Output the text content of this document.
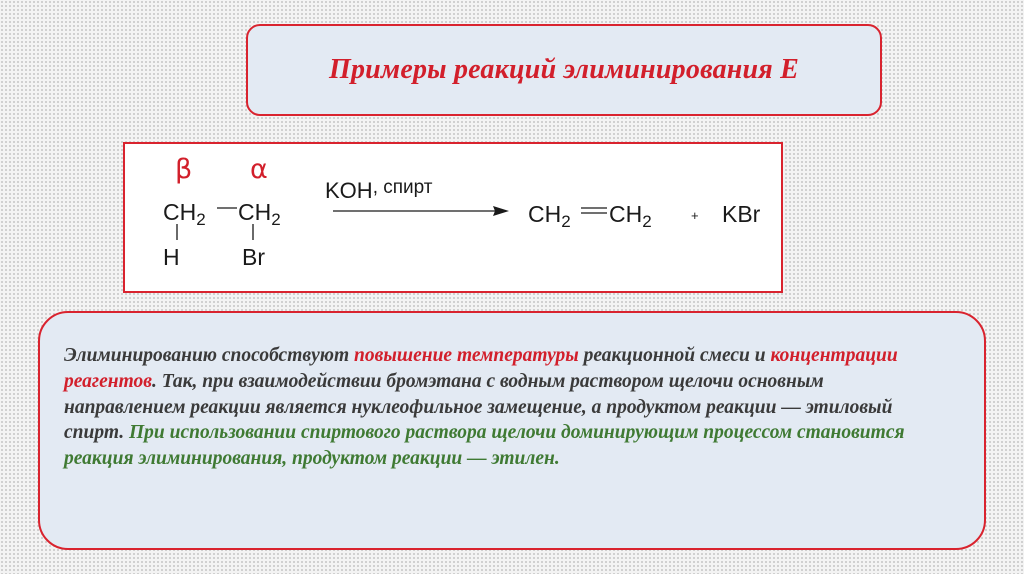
Примеры реакций элиминирования Е
β α
$CH_2$ $CH_2$
H	Br
KOH, спирт
$CH_2$ $CH_2$	+ KBr

Элиминированию способствуют повышение температуры реакционной смеси и концентрации реагентов. Так, при взаимодействии бромэтана с водным раствором щелочи основным направлением реакции является нуклеофильное замещение, а продуктом реакции — этиловый спирт. При использовании спиртового раствора щелочи доминирующим процессом становится реакция элиминирования, продуктом реакции — этилен.
